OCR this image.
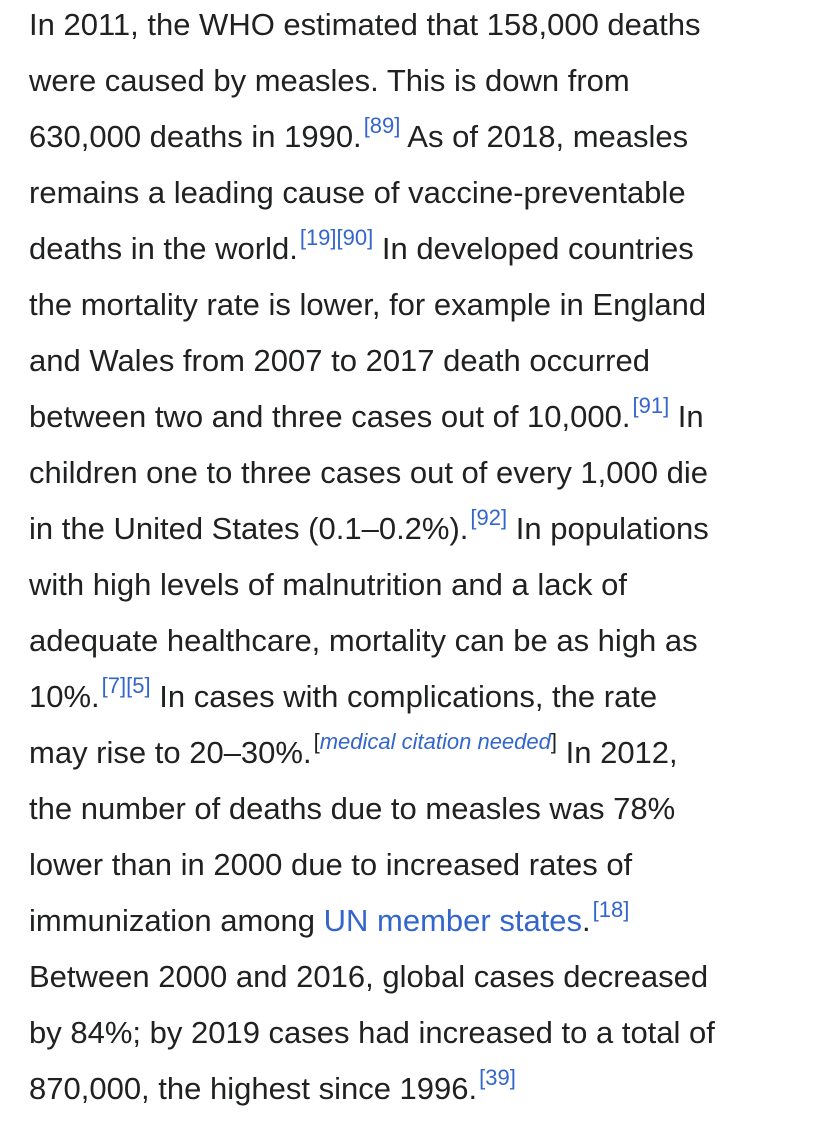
In 2011, the WHO estimated that 158,000 deaths
were caused by measles. This is down from
630,000 deaths in 1990.[89] As of 2018, measles
remains a leading cause of vaccine-preventable
deaths in the world.[19][90] In developed countries
the mortality rate is lower, for example in England
and Wales from 2007 to 2017 death occurred
between two and three cases out of 10,000.[91] In
children one to three cases out of every 1,000 die
in the United States (0.1–0.2%).[92] In populations
with high levels of malnutrition and a lack of
adequate healthcare, mortality can be as high as
10%.[7][5] In cases with complications, the rate
may rise to 20–30%.[medical citation needed] In 2012,
the number of deaths due to measles was 78%
lower than in 2000 due to increased rates of
immunization among UN member states.[18]
Between 2000 and 2016, global cases decreased
by 84%; by 2019 cases had increased to a total of
870,000, the highest since 1996.[39]
